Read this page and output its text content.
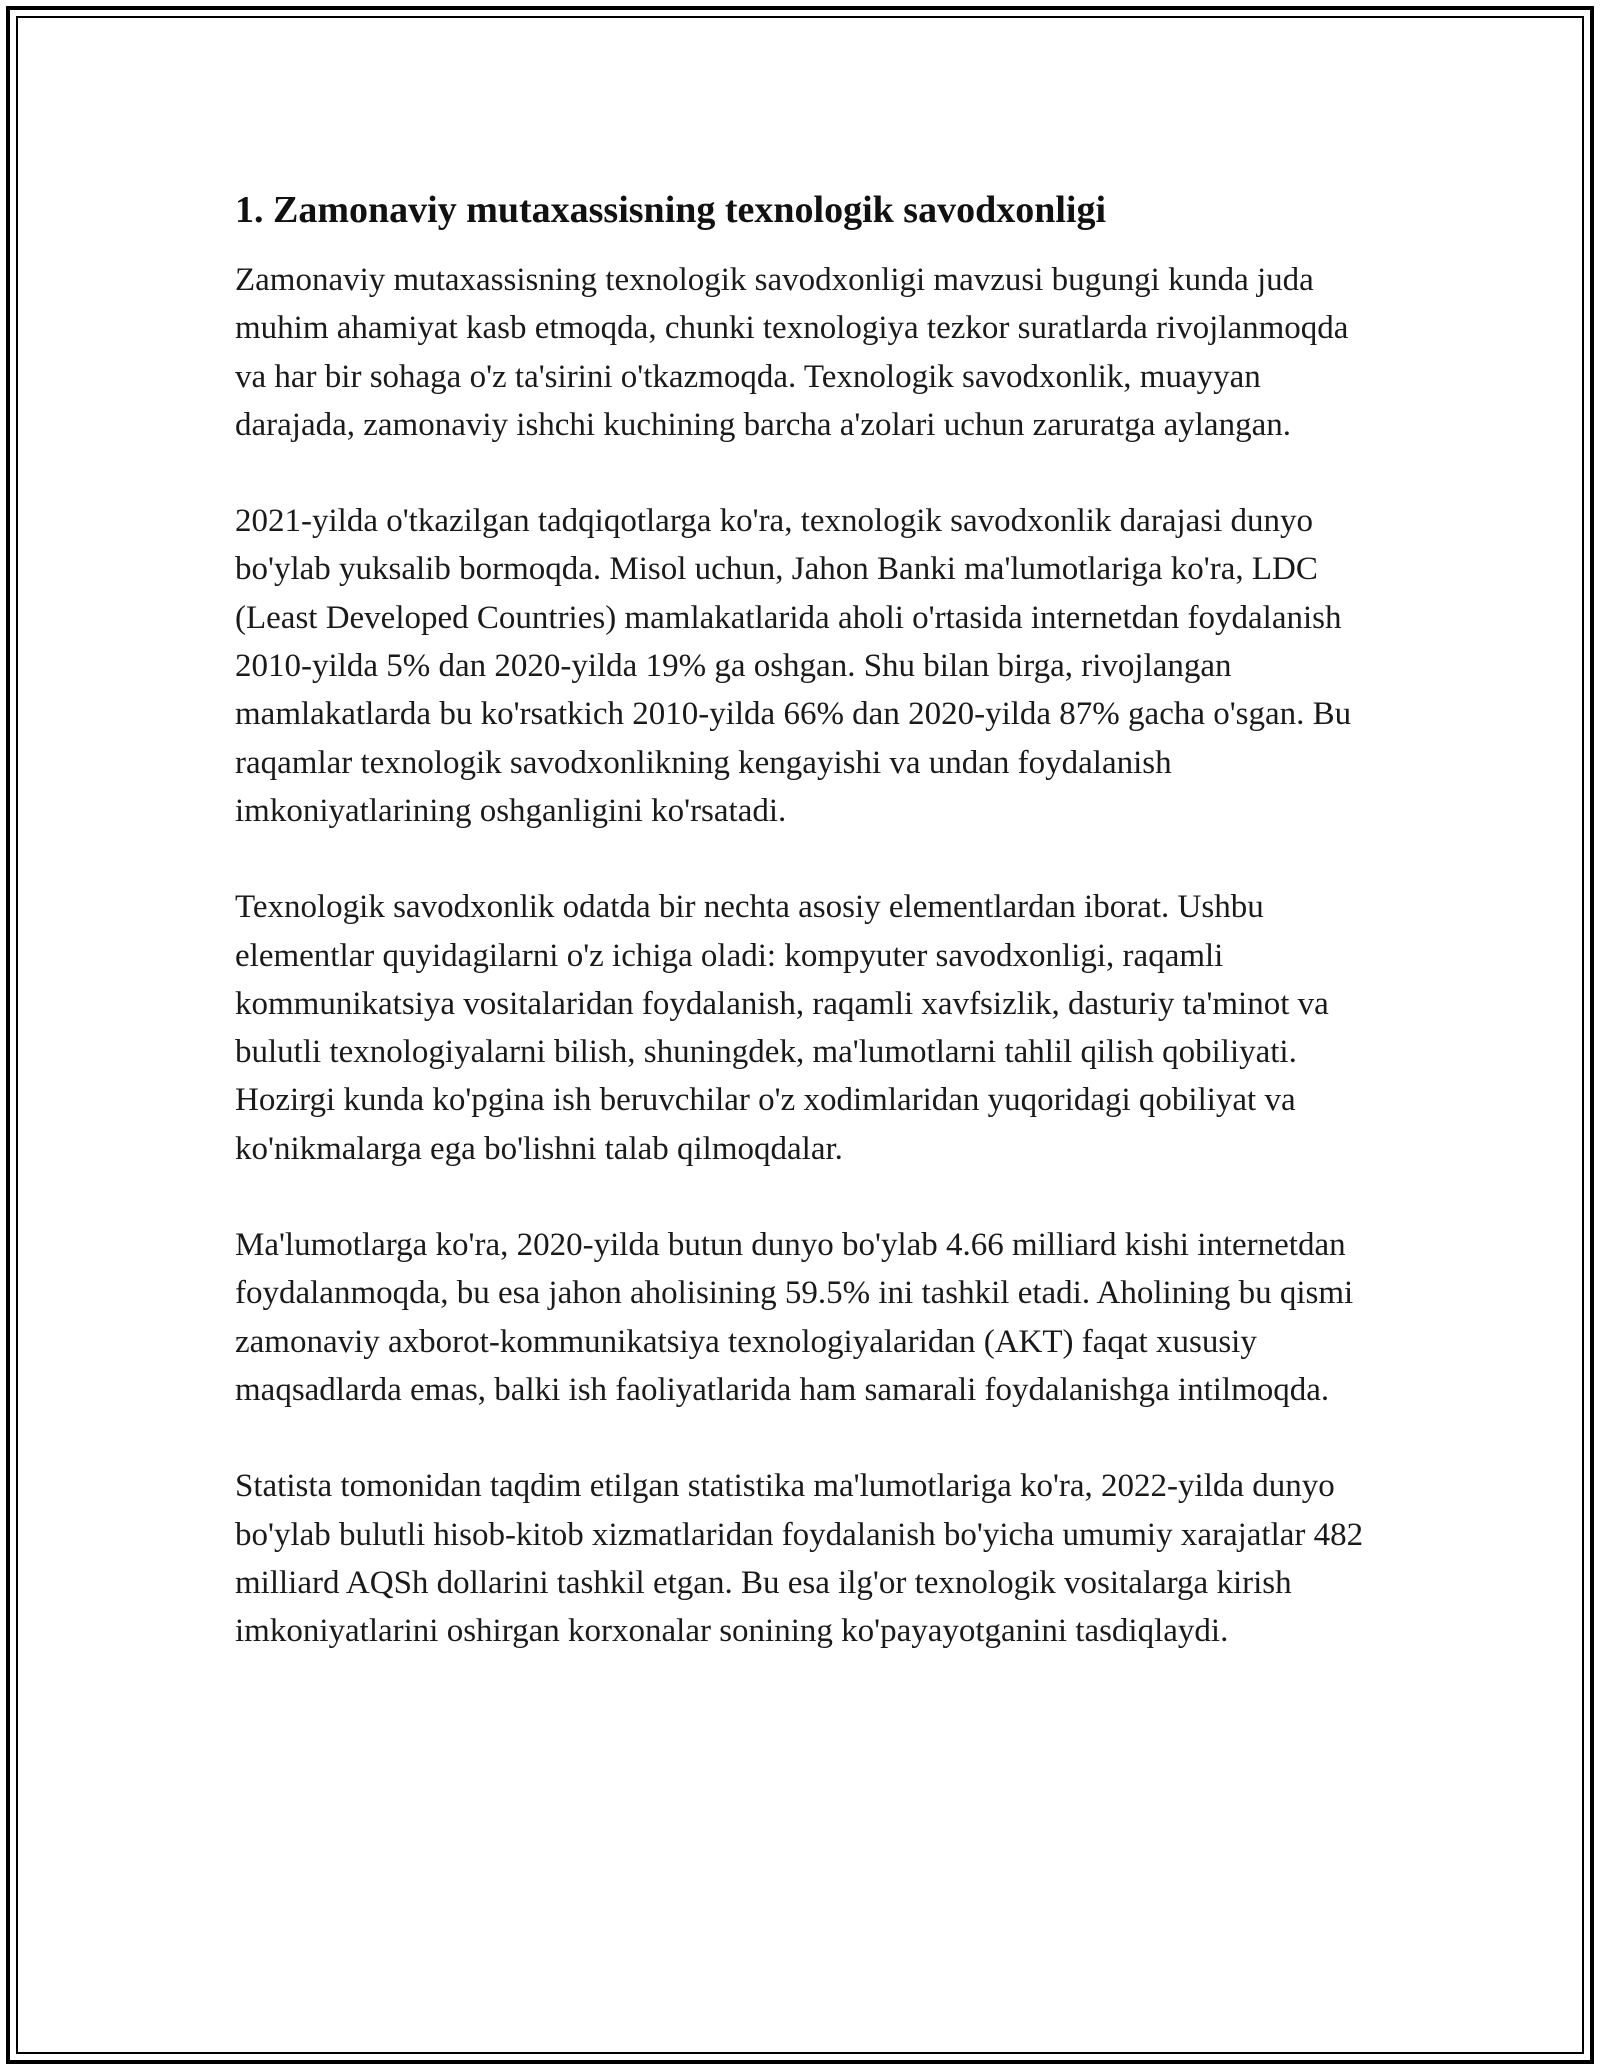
1. Zamonaviy mutaxassisning texnologik savodxonligi

Zamonaviy mutaxassisning texnologik savodxonligi mavzusi bugungi kunda juda muhim ahamiyat kasb etmoqda, chunki texnologiya tezkor suratlarda rivojlanmoqda va har bir sohaga o'z ta'sirini o'tkazmoqda. Texnologik savodxonlik, muayyan darajada, zamonaviy ishchi kuchining barcha a'zolari uchun zaruratga aylangan.

2021-yilda o'tkazilgan tadqiqotlarga ko'ra, texnologik savodxonlik darajasi dunyo bo'ylab yuksalib bormoqda. Misol uchun, Jahon Banki ma'lumotlariga ko'ra, LDC (Least Developed Countries) mamlakatlarida aholi o'rtasida internetdan foydalanish 2010-yilda 5% dan 2020-yilda 19% ga oshgan. Shu bilan birga, rivojlangan mamlakatlarda bu ko'rsatkich 2010-yilda 66% dan 2020-yilda 87% gacha o'sgan. Bu raqamlar texnologik savodxonlikning kengayishi va undan foydalanish imkoniyatlarining oshganligini ko'rsatadi.

Texnologik savodxonlik odatda bir nechta asosiy elementlardan iborat. Ushbu elementlar quyidagilarni o'z ichiga oladi: kompyuter savodxonligi, raqamli kommunikatsiya vositalaridan foydalanish, raqamli xavfsizlik, dasturiy ta'minot va bulutli texnologiyalarni bilish, shuningdek, ma'lumotlarni tahlil qilish qobiliyati. Hozirgi kunda ko'pgina ish beruvchilar o'z xodimlaridan yuqoridagi qobiliyat va ko'nikmalarga ega bo'lishni talab qilmoqdalar.

Ma'lumotlarga ko'ra, 2020-yilda butun dunyo bo'ylab 4.66 milliard kishi internetdan foydalanmoqda, bu esa jahon aholisining 59.5% ini tashkil etadi. Aholining bu qismi zamonaviy axborot-kommunikatsiya texnologiyalaridan (AKT) faqat xususiy maqsadlarda emas, balki ish faoliyatlarida ham samarali foydalanishga intilmoqda.

Statista tomonidan taqdim etilgan statistika ma'lumotlariga ko'ra, 2022-yilda dunyo bo'ylab bulutli hisob-kitob xizmatlaridan foydalanish bo'yicha umumiy xarajatlar 482 milliard AQSh dollarini tashkil etgan. Bu esa ilg'or texnologik vositalarga kirish imkoniyatlarini oshirgan korxonalar sonining ko'payayotganini tasdiqlaydi.
